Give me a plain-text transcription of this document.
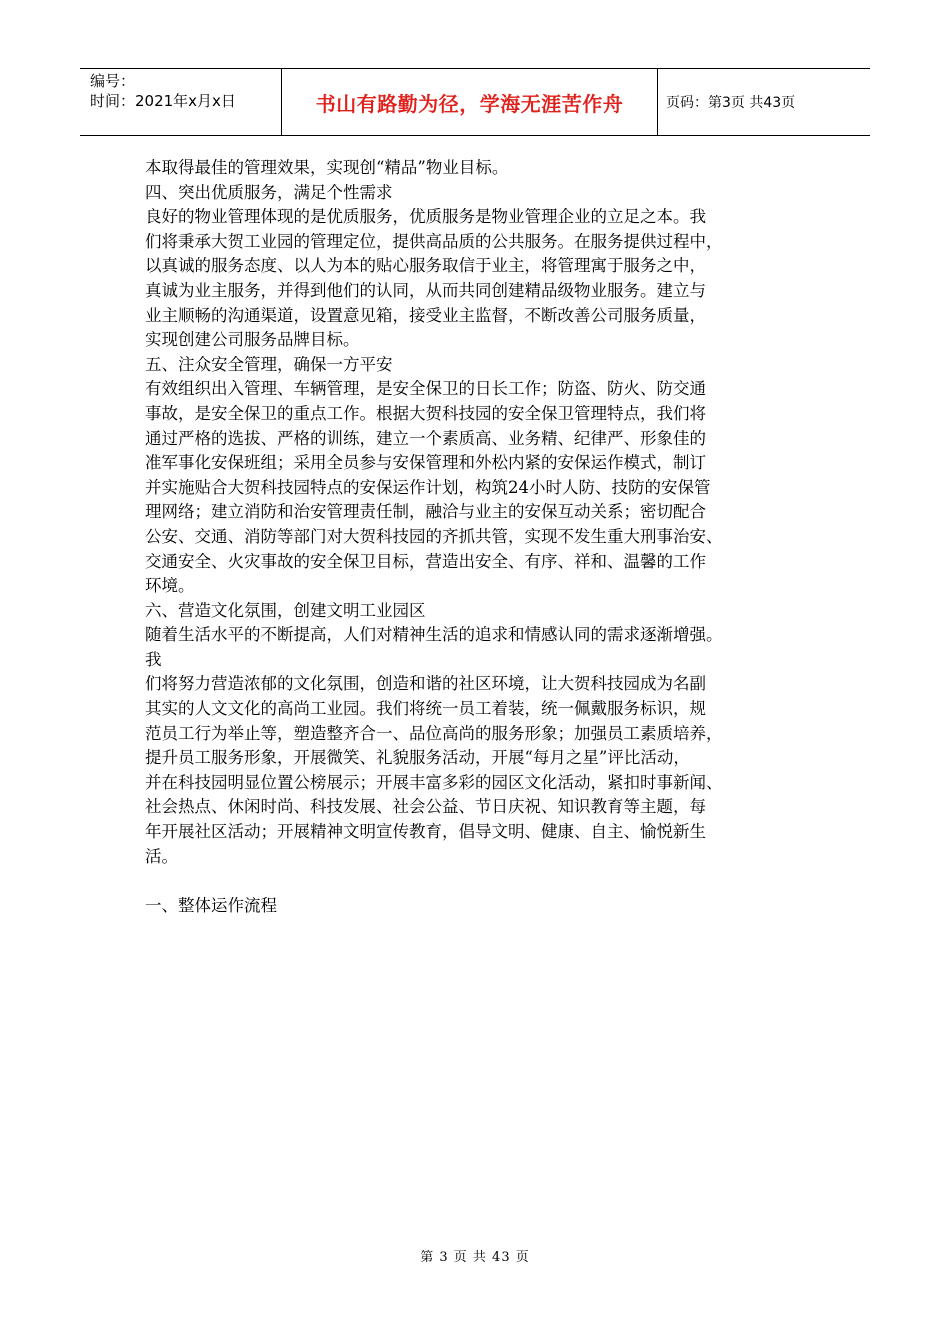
编号：
时间：2021年x月x日	书山有路勤为径，学海无涯苦作舟	页码：第3页 共43页

本取得最佳的管理效果，实现创“精品”物业目标。

四、突出优质服务，满足个性需求

良好的物业管理体现的是优质服务，优质服务是物业管理企业的立足之本。我

们将秉承大贺工业园的管理定位，提供高品质的公共服务。在服务提供过程中，

以真诚的服务态度、以人为本的贴心服务取信于业主，将管理寓于服务之中，

真诚为业主服务，并得到他们的认同，从而共同创建精品级物业服务。建立与

业主顺畅的沟通渠道，设置意见箱，接受业主监督，不断改善公司服务质量，

实现创建公司服务品牌目标。

五、注众安全管理，确保一方平安

有效组织出入管理、车辆管理，是安全保卫的日长工作；防盗、防火、防交通

事故，是安全保卫的重点工作。根据大贺科技园的安全保卫管理特点，我们将

通过严格的选拔、严格的训练，建立一个素质高、业务精、纪律严、形象佳的

准军事化安保班组；采用全员参与安保管理和外松内紧的安保运作模式，制订

并实施贴合大贺科技园特点的安保运作计划，构筑24小时人防、技防的安保管

理网络；建立消防和治安管理责任制，融洽与业主的安保互动关系；密切配合

公安、交通、消防等部门对大贺科技园的齐抓共管，实现不发生重大刑事治安、

交通安全、火灾事故的安全保卫目标，营造出安全、有序、祥和、温馨的工作

环境。

六、营造文化氛围，创建文明工业园区

随着生活水平的不断提高，人们对精神生活的追求和情感认同的需求逐渐增强。

我

们将努力营造浓郁的文化氛围，创造和谐的社区环境，让大贺科技园成为名副

其实的人文文化的高尚工业园。我们将统一员工着装，统一佩戴服务标识，规

范员工行为举止等，塑造整齐合一、品位高尚的服务形象；加强员工素质培养，

提升员工服务形象，开展微笑、礼貌服务活动，开展“每月之星”评比活动，

并在科技园明显位置公榜展示；开展丰富多彩的园区文化活动，紧扣时事新闻、

社会热点、休闲时尚、科技发展、社会公益、节日庆祝、知识教育等主题，每

年开展社区活动；开展精神文明宣传教育，倡导文明、健康、自主、愉悦新生

活。

一、整体运作流程

第 3 页 共 43 页
